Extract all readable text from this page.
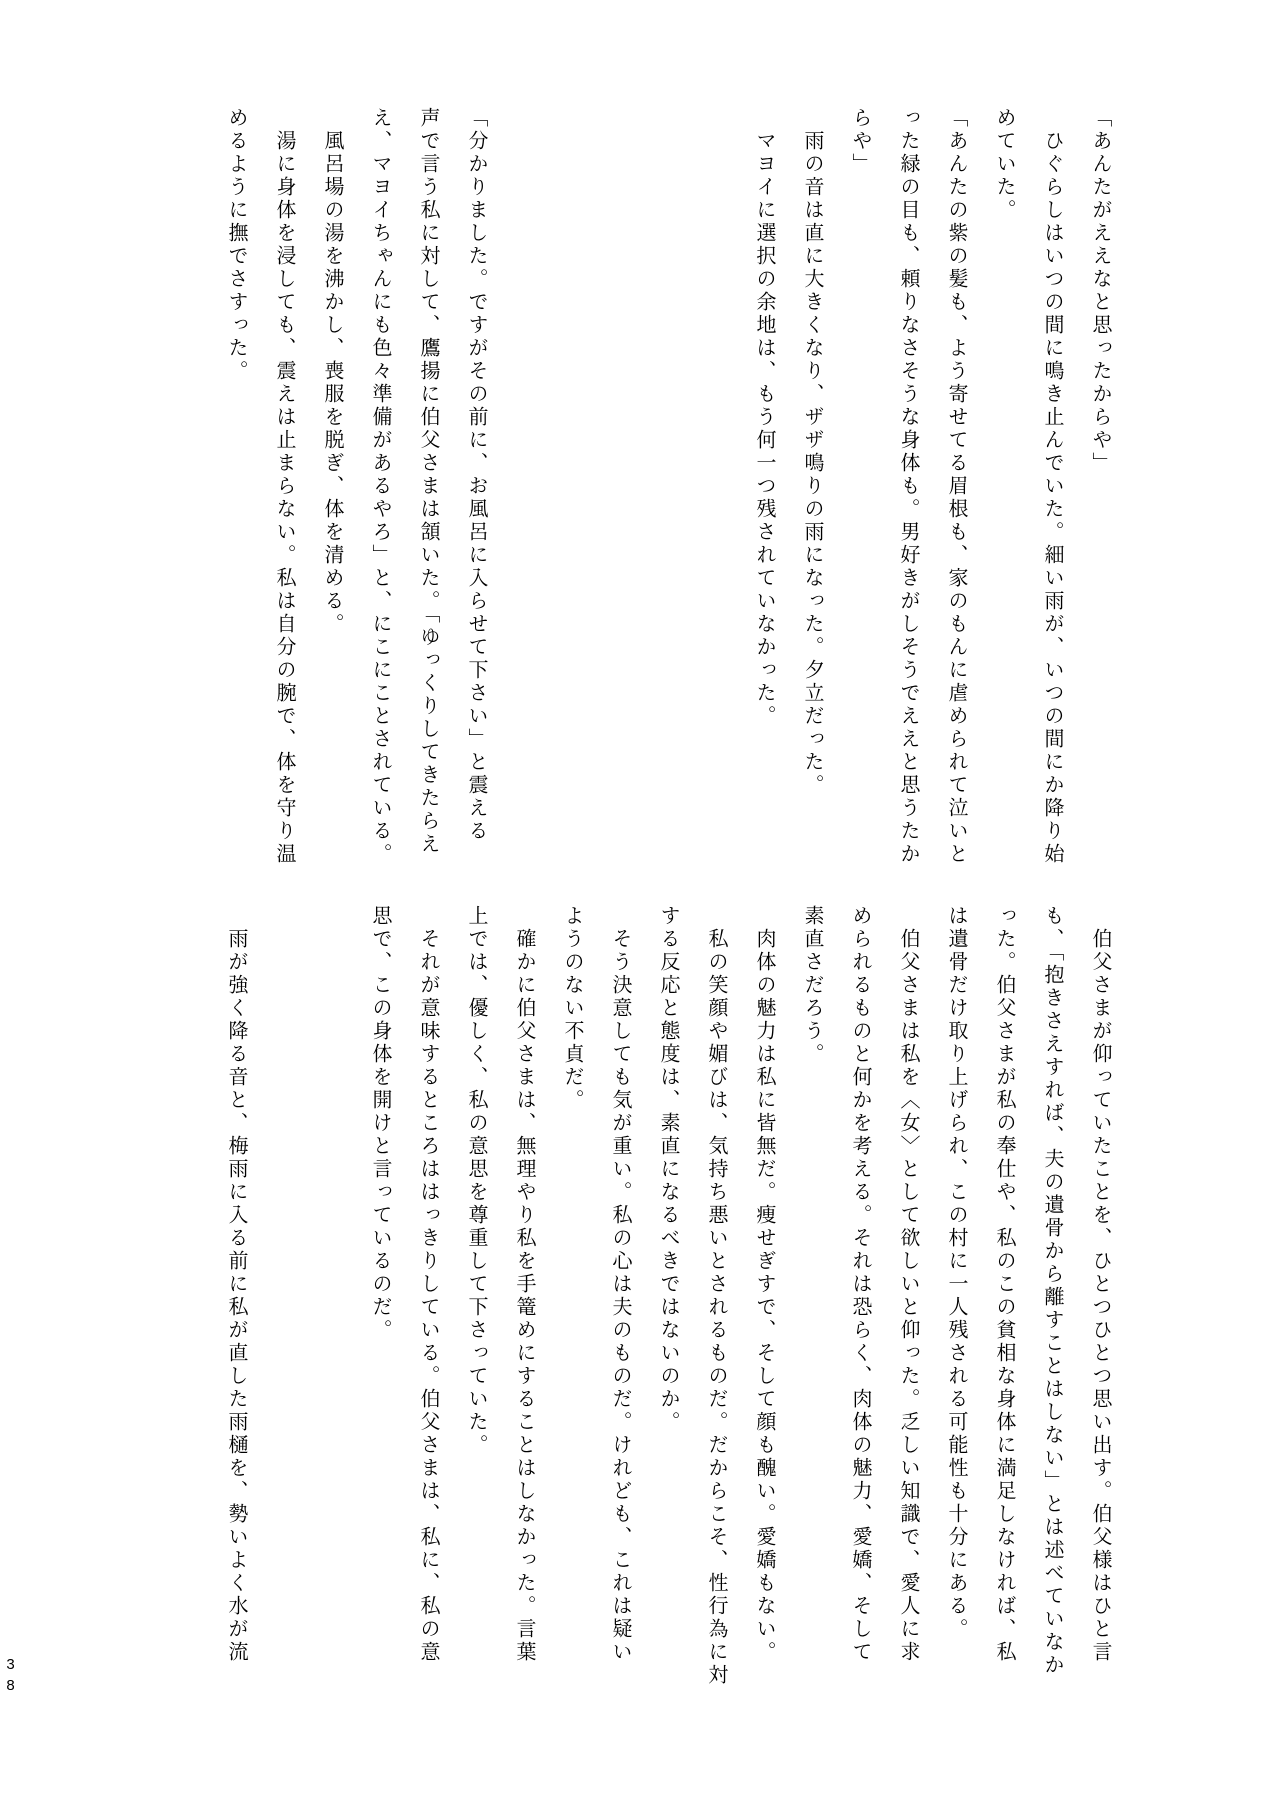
「あんたがええなと思ったからや」
　ひぐらしはいつの間に鳴き止んでいた。細い雨が、いつの間にか降り始
めていた。
「あんたの紫の髪も、よう寄せてる眉根も、家のもんに虐められて泣いと
った緑の目も、頼りなさそうな身体も。男好きがしそうでええと思うたか
らや」
　雨の音は直に大きくなり、ザザ鳴りの雨になった。夕立だった。
　マヨイに選択の余地は、もう何一つ残されていなかった。
「分かりました。ですがその前に、お風呂に入らせて下さい」と震える
声で言う私に対して、鷹揚に伯父さまは頷いた。「ゆっくりしてきたらえ
え、マヨイちゃんにも色々準備があるやろ」と、にこにことされている。
　風呂場の湯を沸かし、喪服を脱ぎ、体を清める。
　湯に身体を浸しても、震えは止まらない。私は自分の腕で、体を守り温
めるように撫でさすった。
　伯父さまが仰っていたことを、ひとつひとつ思い出す。伯父様はひと言
も、「抱きさえすれば、夫の遺骨から離すことはしない」とは述べていなか
った。伯父さまが私の奉仕や、私のこの貧相な身体に満足しなければ、私
は遺骨だけ取り上げられ、この村に一人残される可能性も十分にある。
　伯父さまは私を〈女〉として欲しいと仰った。乏しい知識で、愛人に求
められるものと何かを考える。それは恐らく、肉体の魅力、愛嬌、そして
素直さだろう。
　肉体の魅力は私に皆無だ。痩せぎすで、そして顔も醜い。愛嬌もない。
　私の笑顔や媚びは、気持ち悪いとされるものだ。だからこそ、性行為に対
する反応と態度は、素直になるべきではないのか。
　そう決意しても気が重い。私の心は夫のものだ。けれども、これは疑い
ようのない不貞だ。
　確かに伯父さまは、無理やり私を手篭めにすることはしなかった。言葉
上では、優しく、私の意思を尊重して下さっていた。
　それが意味するところははっきりしている。伯父さまは、私に、私の意
思で、この身体を開けと言っているのだ。
　雨が強く降る音と、梅雨に入る前に私が直した雨樋を、勢いよく水が流
38
